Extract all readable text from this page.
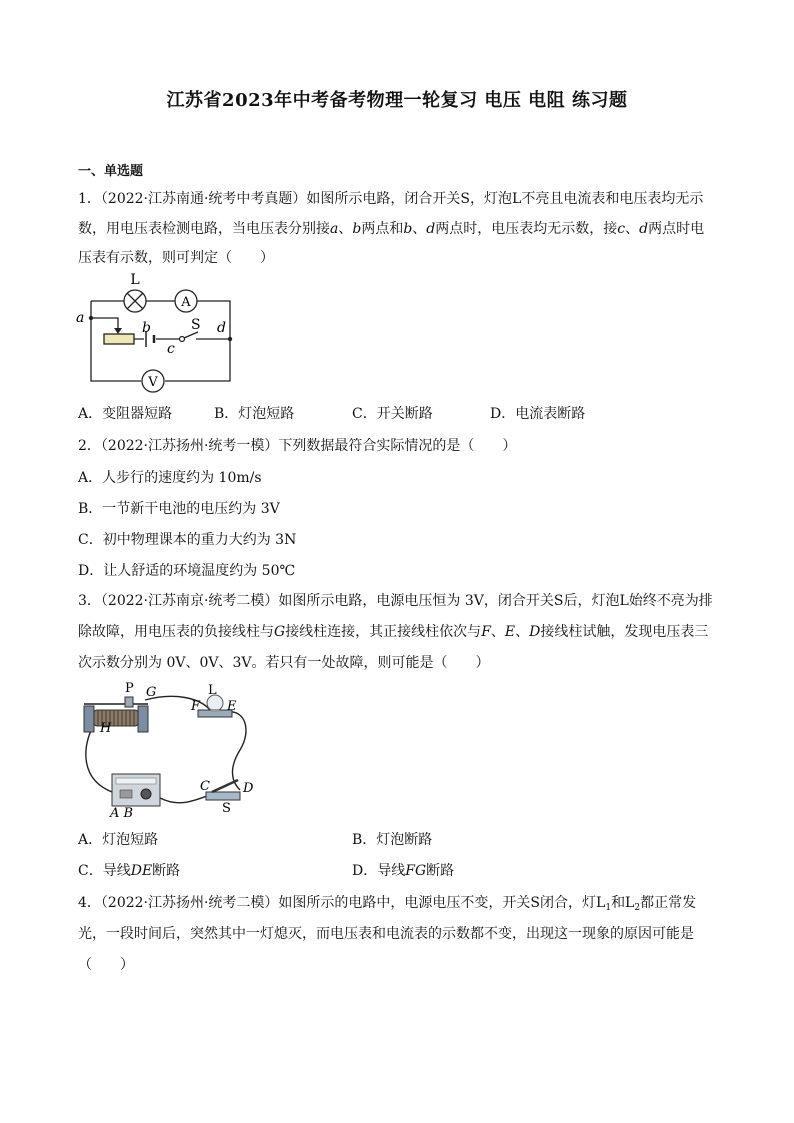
江苏省2023年中考备考物理一轮复习 电压 电阻 练习题
一、单选题
1．（2022·江苏南通·统考中考真题）如图所示电路，闭合开关S，灯泡L不亮且电流表和电压表均无示
数，用电压表检测电路，当电压表分别接a、b两点和b、d两点时，电压表均无示数，接c、d两点时电
压表有示数，则可判定（　　）
A
V
L
a
b
c
d
S
A．变阻器短路	B．灯泡短路	C．开关断路	D．电流表断路
2．（2022·江苏扬州·统考一模）下列数据最符合实际情况的是（　　）
A．人步行的速度约为 10m/s
B．一节新干电池的电压约为 3V
C．初中物理课本的重力大约为 3N
D．让人舒适的环境温度约为 50℃
3．（2022·江苏南京·统考二模）如图所示电路，电源电压恒为 3V，闭合开关S后，灯泡L始终不亮为排
除故障，用电压表的负接线柱与G接线柱连接，其正接线柱依次与F、E、D接线柱试触，发现电压表三
次示数分别为 0V、0V、3V。若只有一处故障，则可能是（　　）
P G	L
F E
H
C	D
S
A B
A．灯泡短路	B．灯泡断路
C．导线DE断路	D．导线FG断路
4．（2022·江苏扬州·统考二模）如图所示的电路中，电源电压不变，开关S闭合，灯$L_1$和$L_2$都正常发
光，一段时间后，突然其中一灯熄灭，而电压表和电流表的示数都不变，出现这一现象的原因可能是
（　　）
